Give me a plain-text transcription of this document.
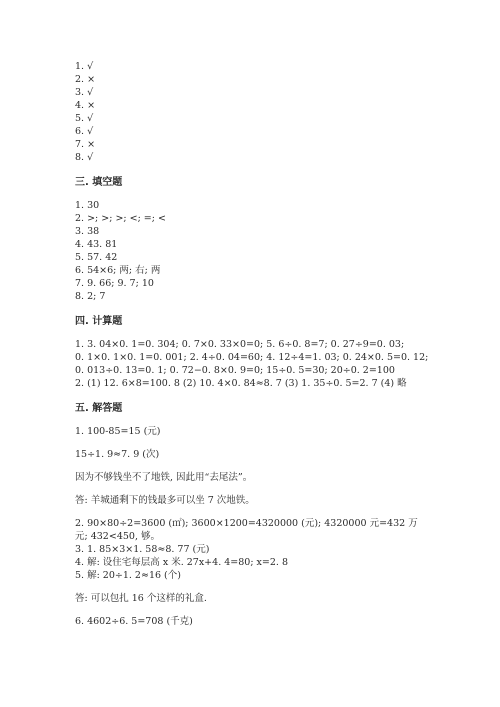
1. √
2. ×
3. √
4. ×
5. √
6. √
7. ×
8. √
三. 填空题
1. 30
2. >; >; >; <; =; <
3. 38
4. 43. 81
5. 57. 42
6. 54×6; 两; 右; 两
7. 9. 66; 9. 7; 10
8. 2; 7
四. 计算题
1. 3. 04×0. 1=0. 304; 0. 7×0. 33×0=0; 5. 6÷0. 8=7; 0. 27÷9=0. 03;
0. 1×0. 1×0. 1=0. 001; 2. 4÷0. 04=60; 4. 12÷4=1. 03; 0. 24×0. 5=0. 12;
0. 013÷0. 13=0. 1; 0. 72−0. 8×0. 9=0; 15÷0. 5=30; 20÷0. 2=100
2. (1) 12. 6×8=100. 8 (2) 10. 4×0. 84≈8. 7 (3) 1. 35÷0. 5=2. 7 (4) 略
五. 解答题
1. 100-85=15 (元)
15÷1. 9≈7. 9 (次)
因为不够钱坐不了地铁, 因此用“去尾法”。
答: 羊城通剩下的钱最多可以坐 7 次地铁。
2. 90×80÷2=3600 (㎡); 3600×1200=4320000 (元); 4320000 元=432 万
元; 432<450, 够。
3. 1. 85×3×1. 58≈8. 77 (元)
4. 解: 设住宅每层高 x 米. 27x+4. 4=80; x=2. 8
5. 解: 20÷1. 2≈16 (个)
答: 可以包扎 16 个这样的礼盒.
6. 4602÷6. 5=708 (千克)
